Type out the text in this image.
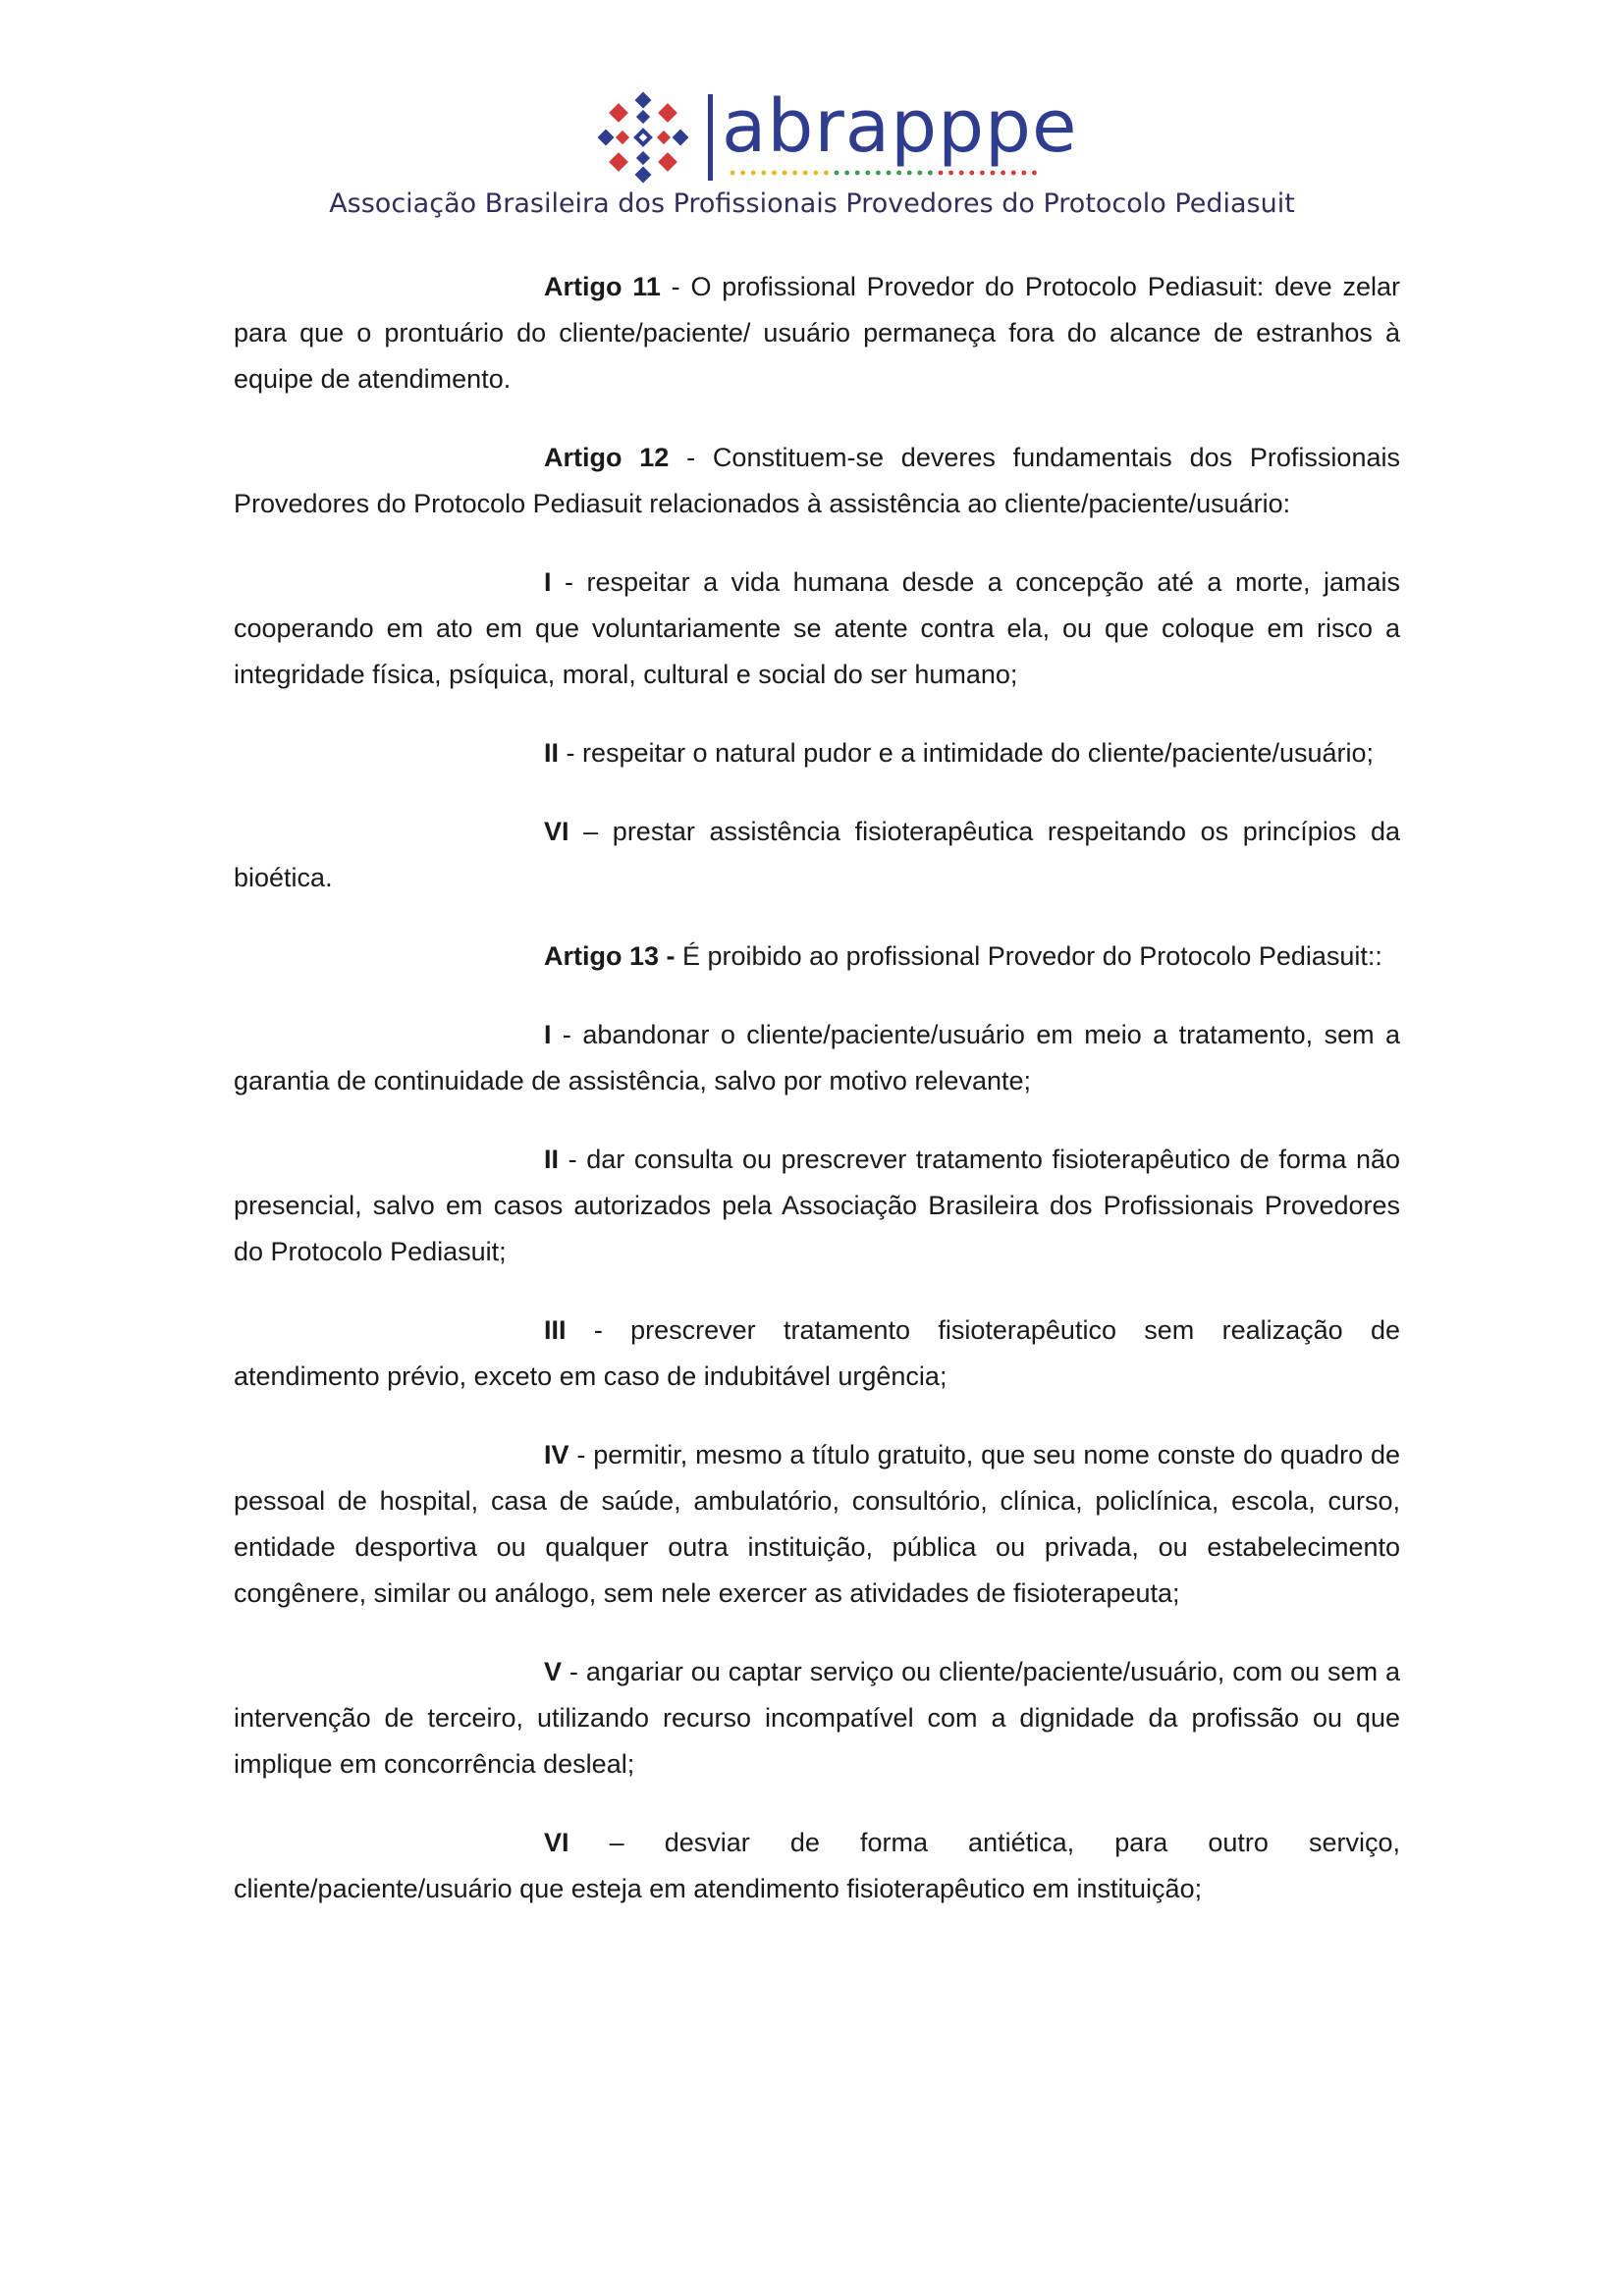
abrapppe
Associação Brasileira dos Profissionais Provedores do Protocolo Pediasuit

Artigo 11 - O profissional Provedor do Protocolo Pediasuit: deve zelar para que o prontuário do cliente/paciente/ usuário permaneça fora do alcance de estranhos à equipe de atendimento.

Artigo 12 - Constituem-se deveres fundamentais dos Profissionais Provedores do Protocolo Pediasuit relacionados à assistência ao cliente/paciente/usuário:

I - respeitar a vida humana desde a concepção até a morte, jamais cooperando em ato em que voluntariamente se atente contra ela, ou que coloque em risco a integridade física, psíquica, moral, cultural e social do ser humano;

II - respeitar o natural pudor e a intimidade do cliente/paciente/usuário;

VI – prestar assistência fisioterapêutica respeitando os princípios da bioética.

Artigo 13 - É proibido ao profissional Provedor do Protocolo Pediasuit::

I - abandonar o cliente/paciente/usuário em meio a tratamento, sem a garantia de continuidade de assistência, salvo por motivo relevante;

II - dar consulta ou prescrever tratamento fisioterapêutico de forma não presencial, salvo em casos autorizados pela Associação Brasileira dos Profissionais Provedores do Protocolo Pediasuit;

III - prescrever tratamento fisioterapêutico sem realização de atendimento prévio, exceto em caso de indubitável urgência;

IV - permitir, mesmo a título gratuito, que seu nome conste do quadro de pessoal de hospital, casa de saúde, ambulatório, consultório, clínica, policlínica, escola, curso, entidade desportiva ou qualquer outra instituição, pública ou privada, ou estabelecimento congênere, similar ou análogo, sem nele exercer as atividades de fisioterapeuta;

V - angariar ou captar serviço ou cliente/paciente/usuário, com ou sem a intervenção de terceiro, utilizando recurso incompatível com a dignidade da profissão ou que implique em concorrência desleal;

VI – desviar de forma antiética, para outro serviço, cliente/paciente/usuário que esteja em atendimento fisioterapêutico em instituição;
